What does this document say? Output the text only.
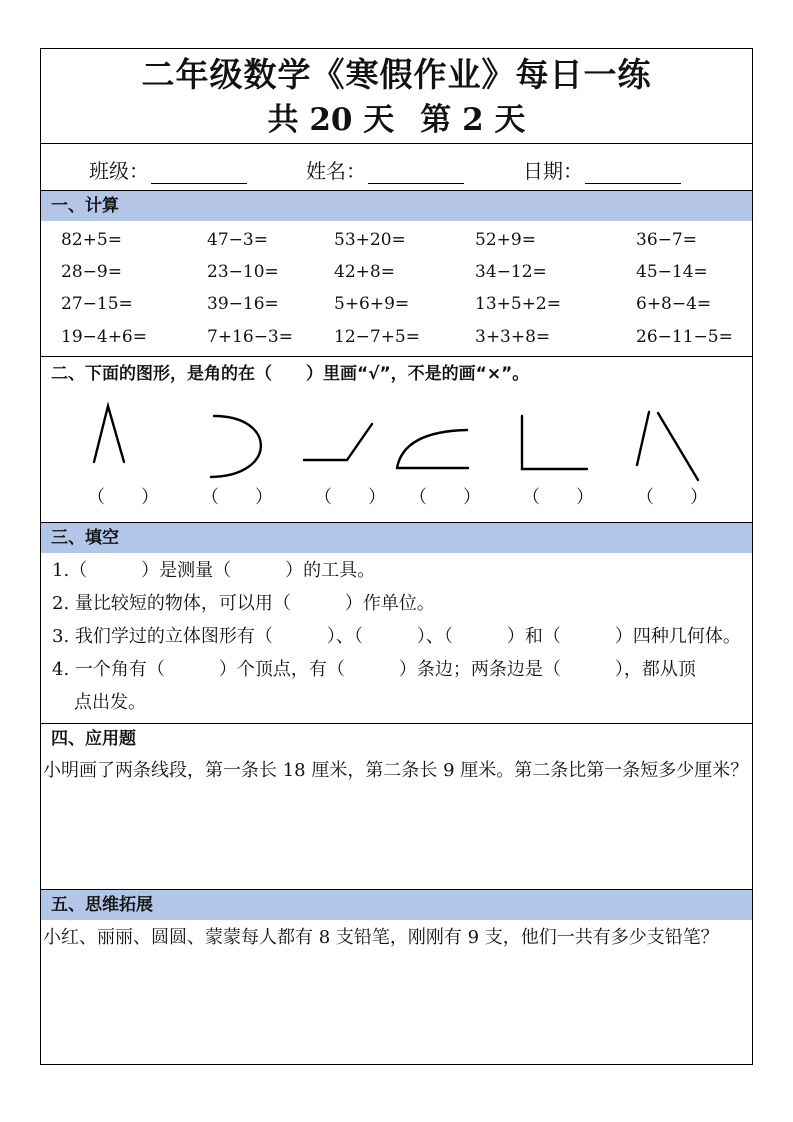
二年级数学《寒假作业》每日一练
共 20 天 第 2 天
班级：	姓名：	日期：
一、计算
82+5=	47−3=	53+20=	52+9=	36−7=
28−9=	23−10=	42+8=	34−12=	45−14=
27−15=	39−16=	5+6+9=	13+5+2=	6+8−4=
19−4+6=	7+16−3= 12−7+5=	3+3+8=	26−11−5=
二、下面的图形，是角的在（　　）里画“√”，不是的画“×”。
（　　） （　　） （　　） （　　） （　　） （　　）
三、填空
1.（　　　）是测量（　　　）的工具。
2. 量比较短的物体，可以用（　　　）作单位。
3. 我们学过的立体图形有（　　　）、（　　　）、（　　　）和（　　　）四种几何体。
4. 一个角有（　　　）个顶点，有（　　　）条边；两条边是（　　　），都从顶
点出发。
四、应用题
小明画了两条线段，第一条长 18 厘米，第二条长 9 厘米。第二条比第一条短多少厘米？
五、思维拓展
小红、丽丽、圆圆、蒙蒙每人都有 8 支铅笔，刚刚有 9 支，他们一共有多少支铅笔？
